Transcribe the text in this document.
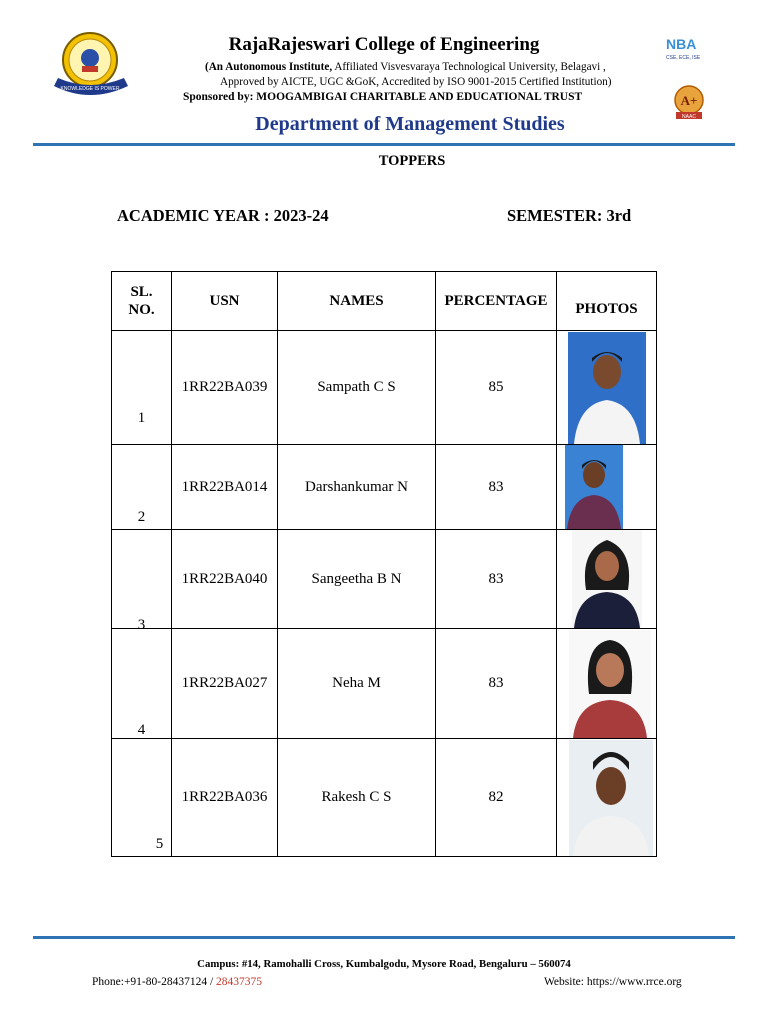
KNOWLEDGE IS POWER
NBA
CSE, ECE, ISE
A+
NAAC
RajaRajeswari College of Engineering
(An Autonomous Institute, Affiliated Visvesvaraya Technological University, Belagavi ,
Approved by AICTE, UGC &GoK, Accredited by ISO 9001-2015 Certified Institution)
Sponsored by: MOOGAMBIGAI CHARITABLE AND EDUCATIONAL TRUST
Department of Management Studies
TOPPERS
ACADEMIC YEAR : 2023-24	SEMESTER: 3rd
SL. NO.	USN	NAMES	PERCENTAGE	PHOTOS

1	1RR22BA039	Sampath C S	85	

2	1RR22BA014	Darshankumar N	83	

3	1RR22BA040	Sangeetha B N	83	

4	1RR22BA027	Neha M	83	

5	1RR22BA036	Rakesh C S	82	
Campus: #14, Ramohalli Cross, Kumbalgodu, Mysore Road, Bengaluru – 560074
Phone:+91-80-28437124 / 28437375	Website: https://www.rrce.org
